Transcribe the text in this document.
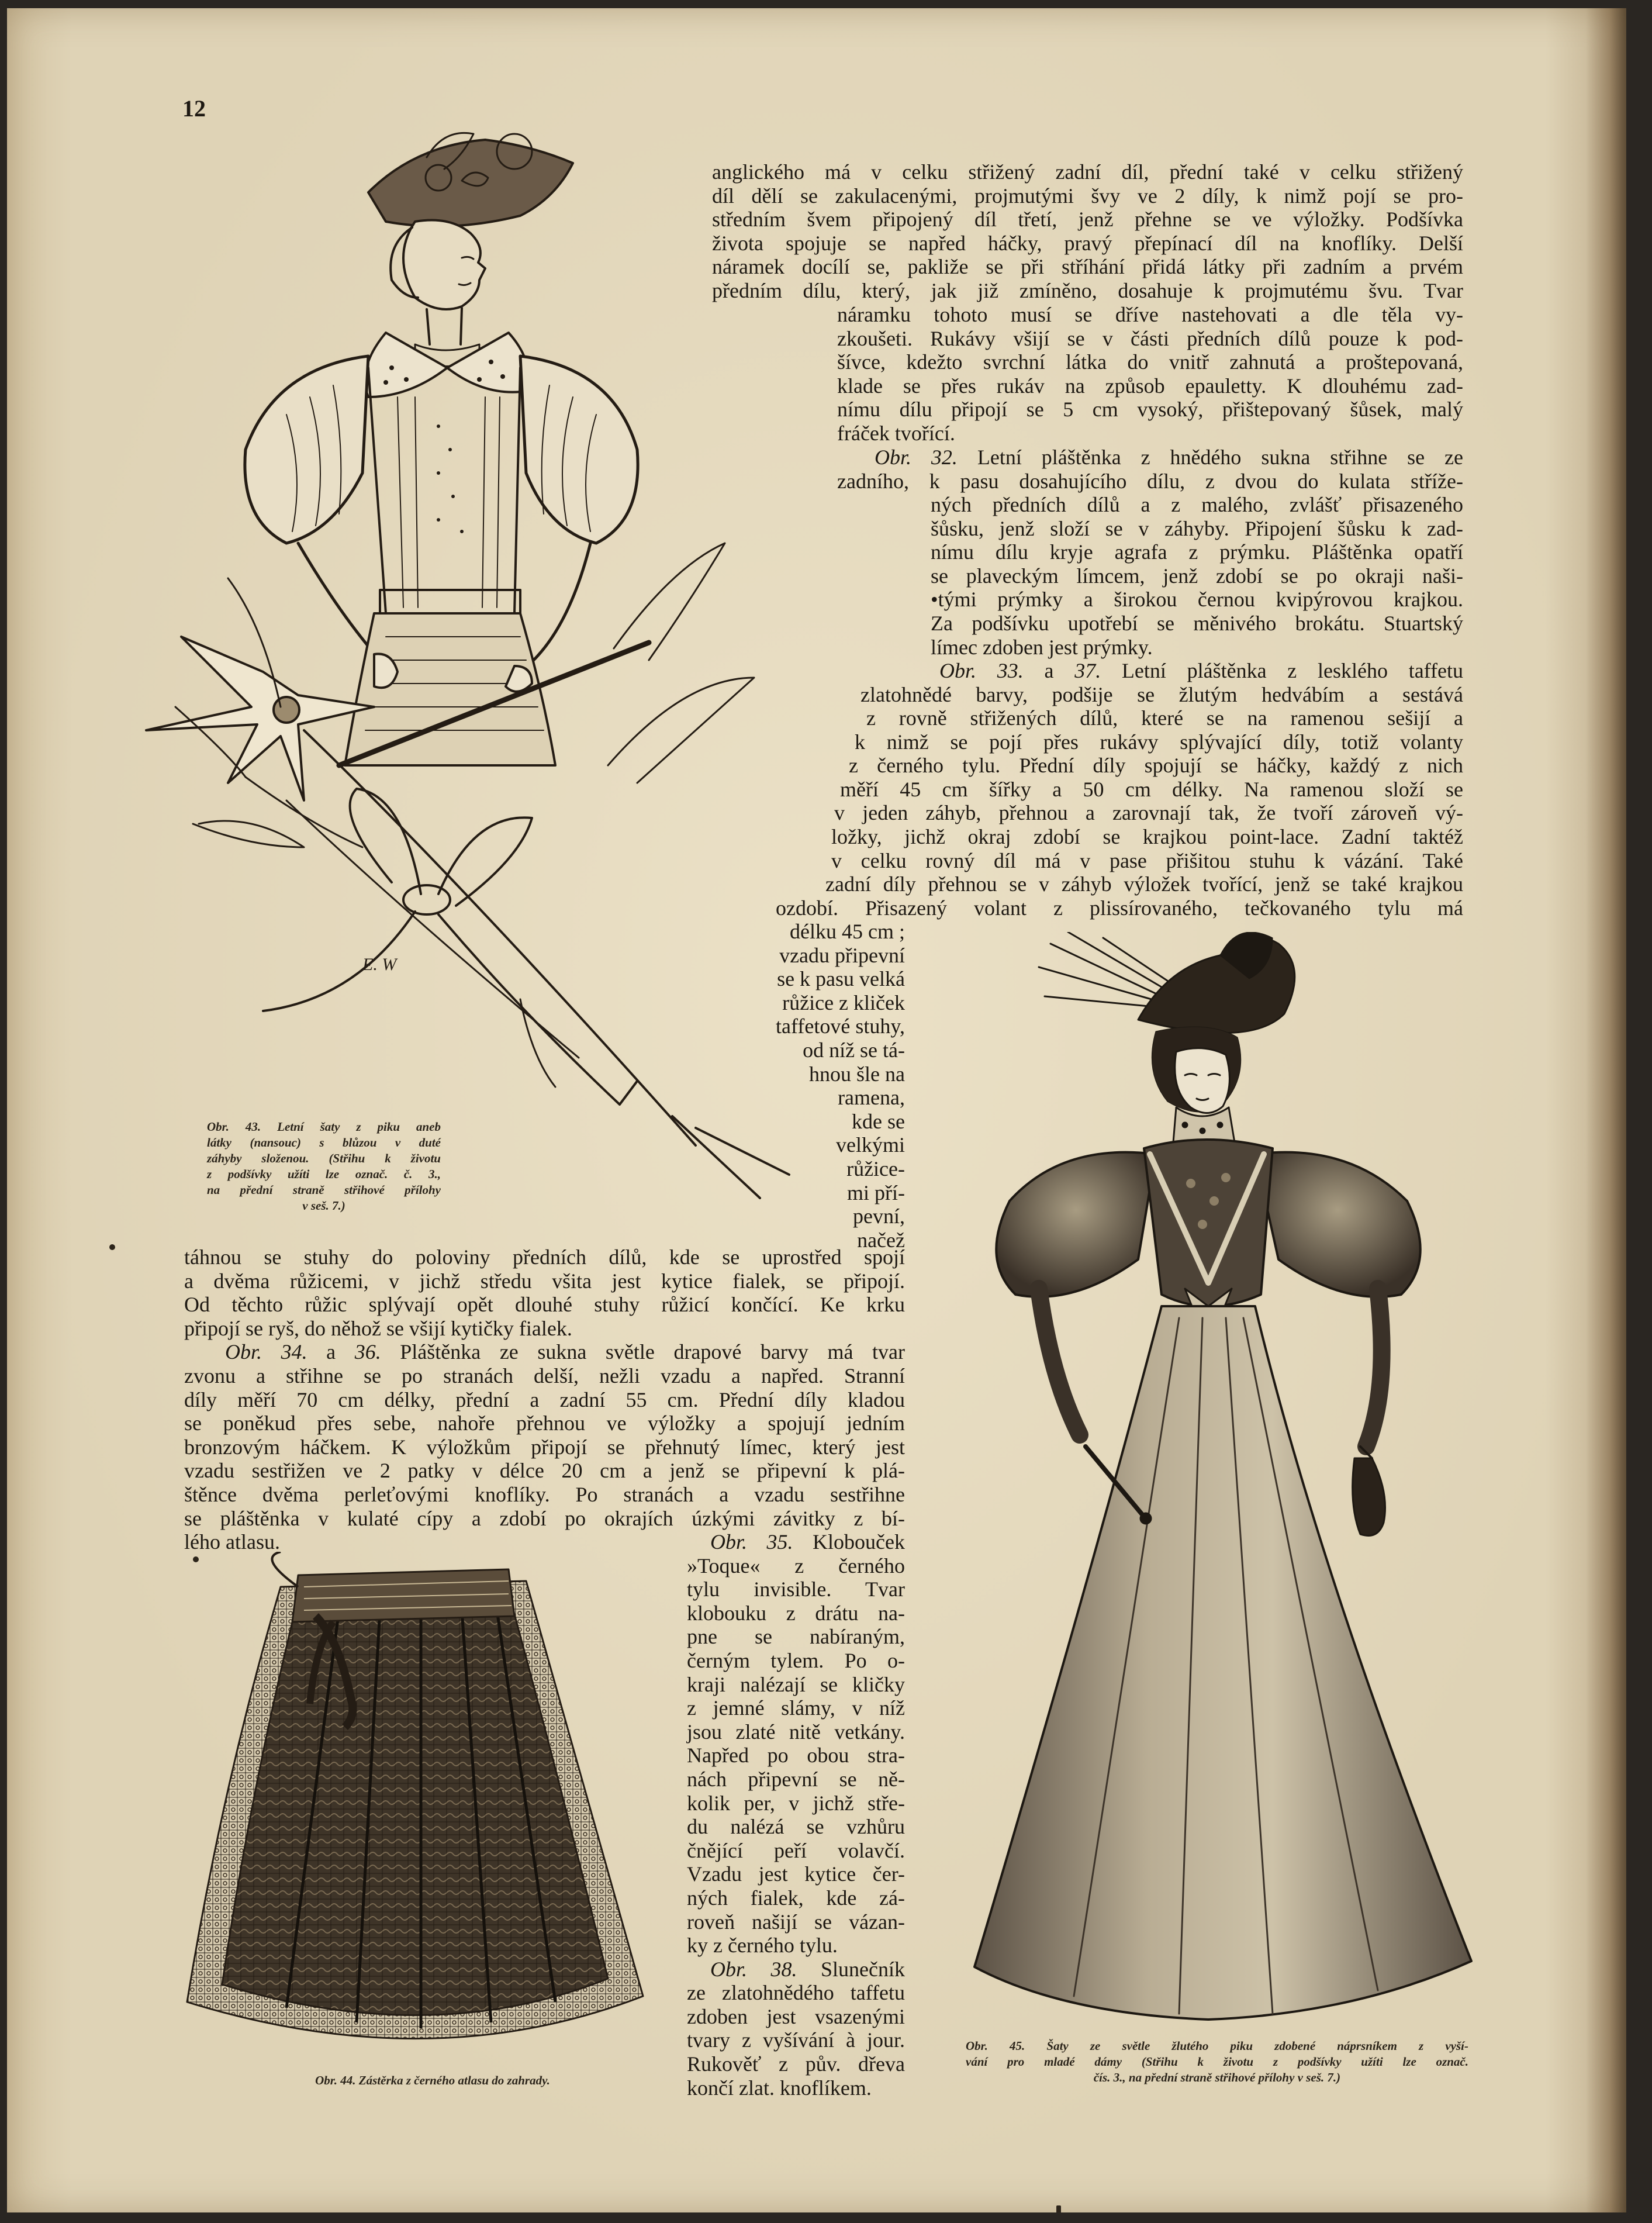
12
E. W
Obr. 43. Letní šaty z piku aneb
látky (nansouc) s blůzou v duté
záhyby složenou. (Střihu k životu
z podšívky užíti lze označ. č. 3.,
na přední straně střihové přílohy
v seš. 7.)
anglického má v celku střižený zadní díl, přední také v celku střižený
díl dělí se zakulacenými, projmutými švy ve 2 díly, k nimž pojí se pro-
středním švem připojený díl třetí, jenž přehne se ve výložky. Podšívka
života spojuje se napřed háčky, pravý přepínací díl na knoflíky. Delší
náramek docílí se, pakliže se při stříhání přidá látky při zadním a prvém
předním dílu, který, jak již zmíněno, dosahuje k projmutému švu. Tvar
náramku tohoto musí se dříve nastehovati a dle těla vy-
zkoušeti. Rukávy všijí se v části předních dílů pouze k pod-
šívce, kdežto svrchní látka do vnitř zahnutá a proštepovaná,
klade se přes rukáv na způsob epauletty. K dlouhému zad-
nímu dílu připojí se 5 cm vysoký, přištepovaný šůsek, malý
fráček tvořící.
Obr. 32. Letní pláštěnka z hnědého sukna střihne se ze
zadního, k pasu dosahujícího dílu, z dvou do kulata stříže-
ných předních dílů a z malého, zvlášť přisazeného
šůsku, jenž složí se v záhyby. Připojení šůsku k zad-
nímu dílu kryje agrafa z prýmku. Pláštěnka opatří
se plaveckým límcem, jenž zdobí se po okraji naši-
•tými prýmky a širokou černou kvipýrovou krajkou.
Za podšívku upotřebí se měnivého brokátu. Stuartský
límec zdoben jest prýmky.
Obr. 33. a 37. Letní pláštěnka z lesklého taffetu
zlatohnědé barvy, podšije se žlutým hedvábím a sestává
z rovně střižených dílů, které se na ramenou sešijí a
k nimž se pojí přes rukávy splývající díly, totiž volanty
z černého tylu. Přední díly spojují se háčky, každý z nich
měří 45 cm šířky a 50 cm délky. Na ramenou složí se
v jeden záhyb, přehnou a zarovnají tak, že tvoří zároveň vý-
ložky, jichž okraj zdobí se krajkou point-lace. Zadní taktéž
v celku rovný díl má v pase přišitou stuhu k vázání. Také
zadní díly přehnou se v záhyb výložek tvořící, jenž se také krajkou
ozdobí. Přisazený volant z plissírovaného, tečkovaného tylu má
délku 45 cm ;
vzadu připevní
se k pasu velká
růžice z kliček
taffetové stuhy,
od níž se tá-
hnou šle na
ramena,
kde se
velkými
růžice-
mi pří-
pevní,
načež
táhnou se stuhy do poloviny předních dílů, kde se uprostřed spojí
a dvěma růžicemi, v jichž středu všita jest kytice fialek, se připojí.
Od těchto růžic splývají opět dlouhé stuhy růžicí končící. Ke krku
připojí se ryš, do něhož se všijí kytičky fialek.
Obr. 34. a 36. Pláštěnka ze sukna světle drapové barvy má tvar
zvonu a střihne se po stranách delší, nežli vzadu a napřed. Stranní
díly měří 70 cm délky, přední a zadní 55 cm. Přední díly kladou
se poněkud přes sebe, nahoře přehnou ve výložky a spojují jedním
bronzovým háčkem. K výložkům připojí se přehnutý límec, který jest
vzadu sestřižen ve 2 patky v délce 20 cm a jenž se připevní k plá-
štěnce dvěma perleťovými knoflíky. Po stranách a vzadu sestřihne
se pláštěnka v kulaté cípy a zdobí po okrajích úzkými závitky z bí-
lého atlasu.	Obr. 35. Klobouček
»Toque« z černého
tylu invisible. Tvar
klobouku z drátu na-
pne se nabíraným,
černým tylem. Po o-
kraji nalézají se kličky
z jemné slámy, v níž
jsou zlaté nitě vetkány.
Napřed po obou stra-
nách připevní se ně-
kolik per, v jichž stře-
du nalézá se vzhůru
čnějící peří volavčí.
Vzadu jest kytice čer-
ných fialek, kde zá-
roveň našijí se vázan-
ky z černého tylu.
Obr. 38. Slunečník
ze zlatohnědého taffetu
zdoben jest vsazenými
tvary z vyšívání à jour.
Rukověť z pův. dřeva
končí zlat. knoflíkem.
Obr. 44. Zástěrka z černého atlasu do zahrady.
Obr. 45. Šaty ze světle žlutého piku zdobené náprsníkem z vyší-
vání pro mladé dámy (Střihu k životu z podšívky užíti lze označ.
čís. 3., na přední straně střihové přílohy v seš. 7.)
